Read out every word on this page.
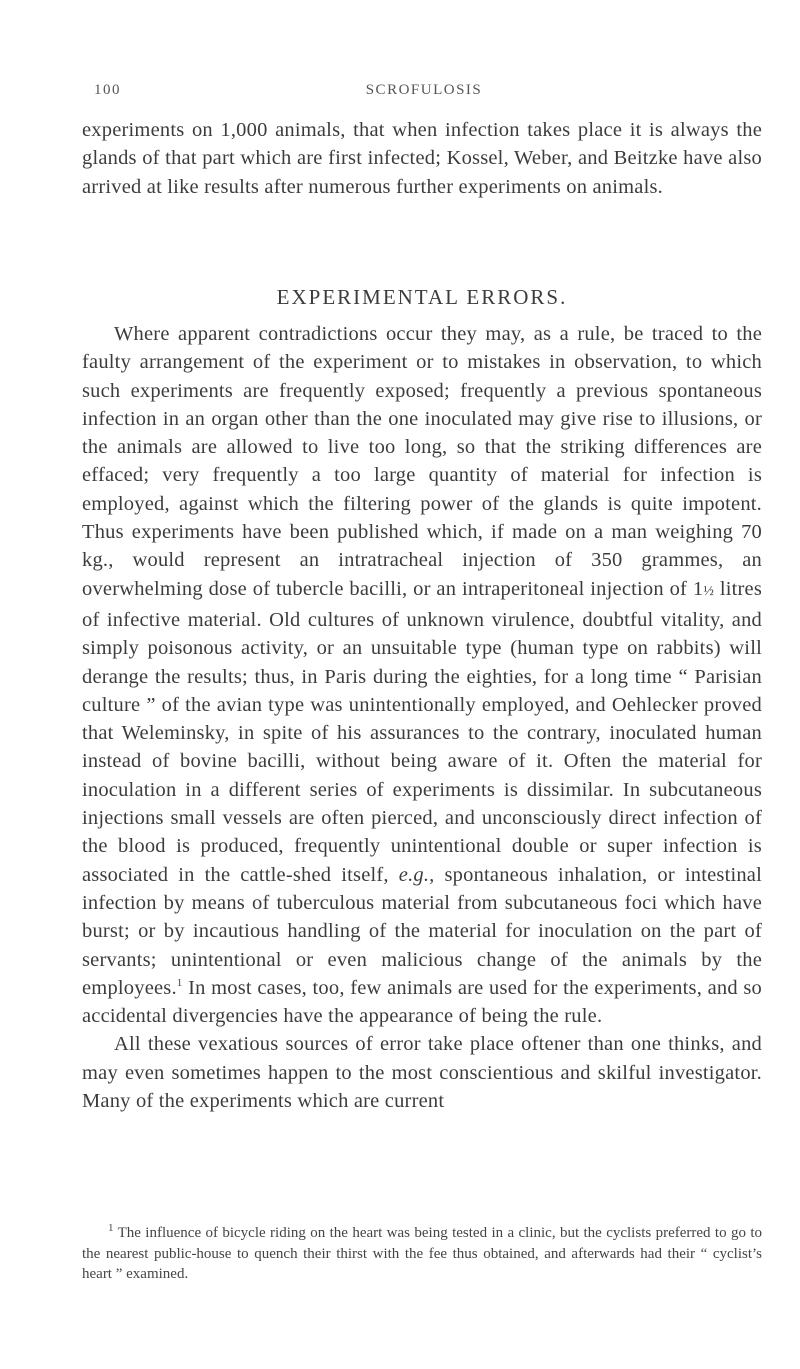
100	SCROFULOSIS
experiments on 1,000 animals, that when infection takes place it is always the glands of that part which are first infected; Kossel, Weber, and Beitzke have also arrived at like results after numerous further experiments on animals.
EXPERIMENTAL ERRORS.
Where apparent contradictions occur they may, as a rule, be traced to the faulty arrangement of the experiment or to mistakes in observation, to which such experiments are frequently exposed; frequently a previous spontaneous infection in an organ other than the one inoculated may give rise to illusions, or the animals are allowed to live too long, so that the striking differences are effaced; very frequently a too large quantity of material for infection is employed, against which the filtering power of the glands is quite impotent. Thus experiments have been published which, if made on a man weighing 70 kg., would represent an intratracheal injection of 350 grammes, an overwhelming dose of tubercle bacilli, or an intraperitoneal injection of 1½ litres of infective material. Old cultures of unknown virulence, doubtful vitality, and simply poisonous activity, or an unsuitable type (human type on rabbits) will derange the results; thus, in Paris during the eighties, for a long time “ Parisian culture ” of the avian type was unintentionally employed, and Oehlecker proved that Weleminsky, in spite of his assurances to the contrary, inoculated human instead of bovine bacilli, without being aware of it. Often the material for inoculation in a different series of experiments is dissimilar. In subcutaneous injections small vessels are often pierced, and unconsciously direct infection of the blood is produced, frequently unintentional double or super infection is associated in the cattle-shed itself, e.g., spontaneous inhalation, or intestinal infection by means of tuberculous material from subcutaneous foci which have burst; or by incautious handling of the material for inoculation on the part of servants; unintentional or even malicious change of the animals by the employees.$^1$ In most cases, too, few animals are used for the experiments, and so accidental divergencies have the appearance of being the rule.
All these vexatious sources of error take place oftener than one thinks, and may even sometimes happen to the most conscientious and skilful investigator. Many of the experiments which are current
$^1$ The influence of bicycle riding on the heart was being tested in a clinic, but the cyclists preferred to go to the nearest public-house to quench their thirst with the fee thus obtained, and afterwards had their “ cyclist’s heart ” examined.
